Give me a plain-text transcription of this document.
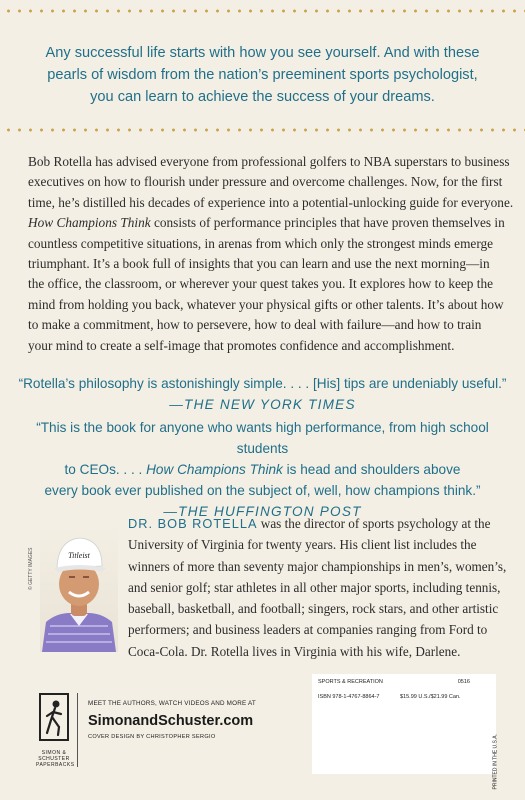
Any successful life starts with how you see yourself. And with these
pearls of wisdom from the nation’s preeminent sports psychologist,
you can learn to achieve the success of your dreams.
Bob Rotella has advised everyone from professional golfers to NBA superstars to business
executives on how to flourish under pressure and overcome challenges. Now, for the first
time, he’s distilled his decades of experience into a potential-unlocking guide for everyone.
How Champions Think consists of performance principles that have proven themselves in
countless competitive situations, in arenas from which only the strongest minds emerge
triumphant. It’s a book full of insights that you can learn and use the next morning—in
the office, the classroom, or wherever your quest takes you. It explores how to keep the
mind from holding you back, whatever your physical gifts or other talents. It’s about how
to make a commitment, how to persevere, how to deal with failure—and how to train
your mind to create a self-image that promotes confidence and accomplishment.
“Rotella’s philosophy is astonishingly simple. . . . [His] tips are undeniably useful.”
—THE NEW YORK TIMES
“This is the book for anyone who wants high performance, from high school students
to CEOs. . . . How Champions Think is head and shoulders above
every book ever published on the subject of, well, how champions think.”
—THE HUFFINGTON POST
Titleist
© GETTY IMAGES
DR. BOB ROTELLA was the director of sports psychology at the
University of Virginia for twenty years. His client list includes the
winners of more than seventy major championships in men’s, women’s,
and senior golf; star athletes in all other major sports, including tennis,
baseball, basketball, and football; singers, rock stars, and other artistic
performers; and business leaders at companies ranging from Ford to
Coca-Cola. Dr. Rotella lives in Virginia with his wife, Darlene.
SPORTS & RECREATION	0516
ISBN 978-1-4767-8864-7	$15.99 U.S./$21.99 Can.
PRINTED IN THE U.S.A.
SIMON & SCHUSTER PAPERBACKS
MEET THE AUTHORS, WATCH VIDEOS AND MORE AT
SimonandSchuster.com
COVER DESIGN BY CHRISTOPHER SERGIO
